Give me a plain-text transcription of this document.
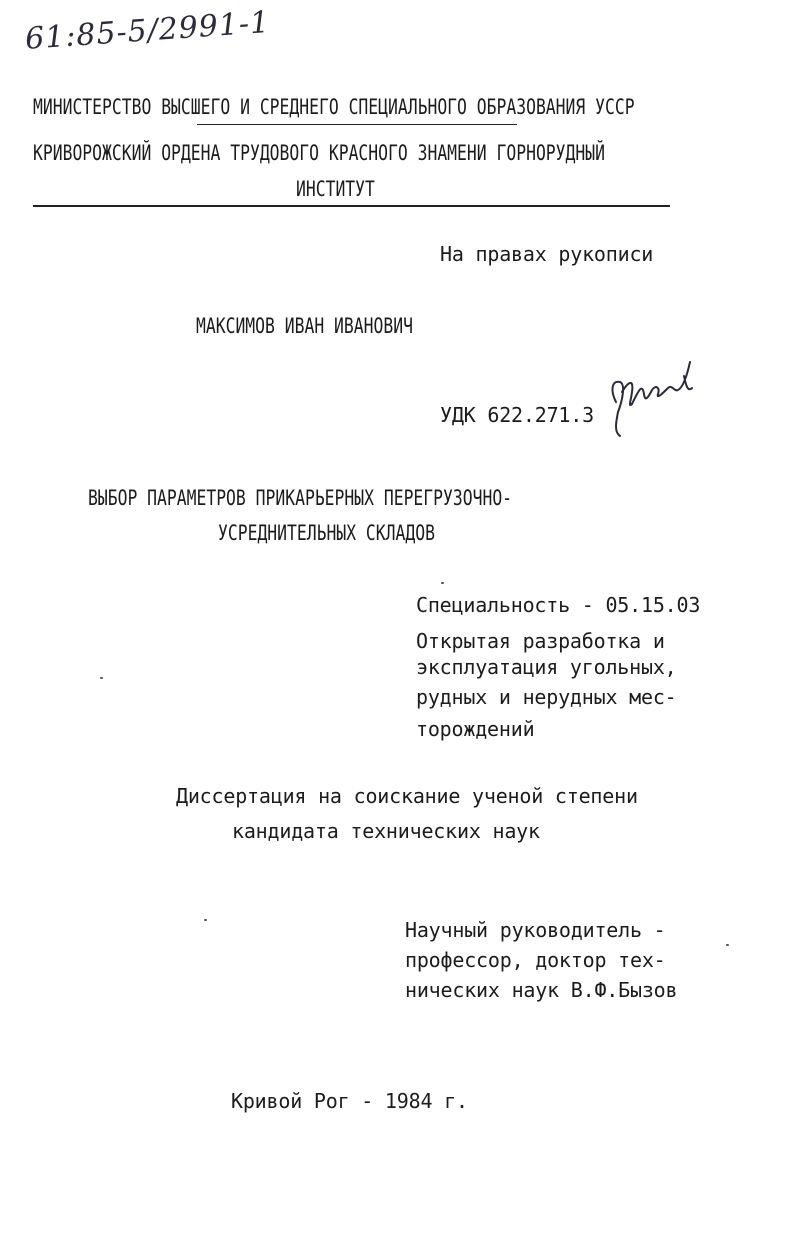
61:85-5/2991-1
МИНИСТЕРСТВО ВЫСШЕГО И СРЕДНЕГО СПЕЦИАЛЬНОГО ОБРАЗОВАНИЯ УССР
КРИВОРОЖСКИЙ ОРДЕНА ТРУДОВОГО КРАСНОГО ЗНАМЕНИ ГОРНОРУДНЫЙ
ИНСТИТУТ
На правах рукописи
МАКСИМОВ ИВАН ИВАНОВИЧ
УДК 622.271.3
ВЫБОР ПАРАМЕТРОВ ПРИКАРЬЕРНЫХ ПЕРЕГРУЗОЧНО-
УСРЕДНИТЕЛЬНЫХ СКЛАДОВ
Специальность - 05.15.03
Открытая разработка и
эксплуатация угольных,
рудных и нерудных мес-
торождений
Диссертация на соискание ученой степени
кандидата технических наук
Научный руководитель -
профессор, доктор тех-
нических наук В.Ф.Бызов
Кривой Рог - 1984 г.
